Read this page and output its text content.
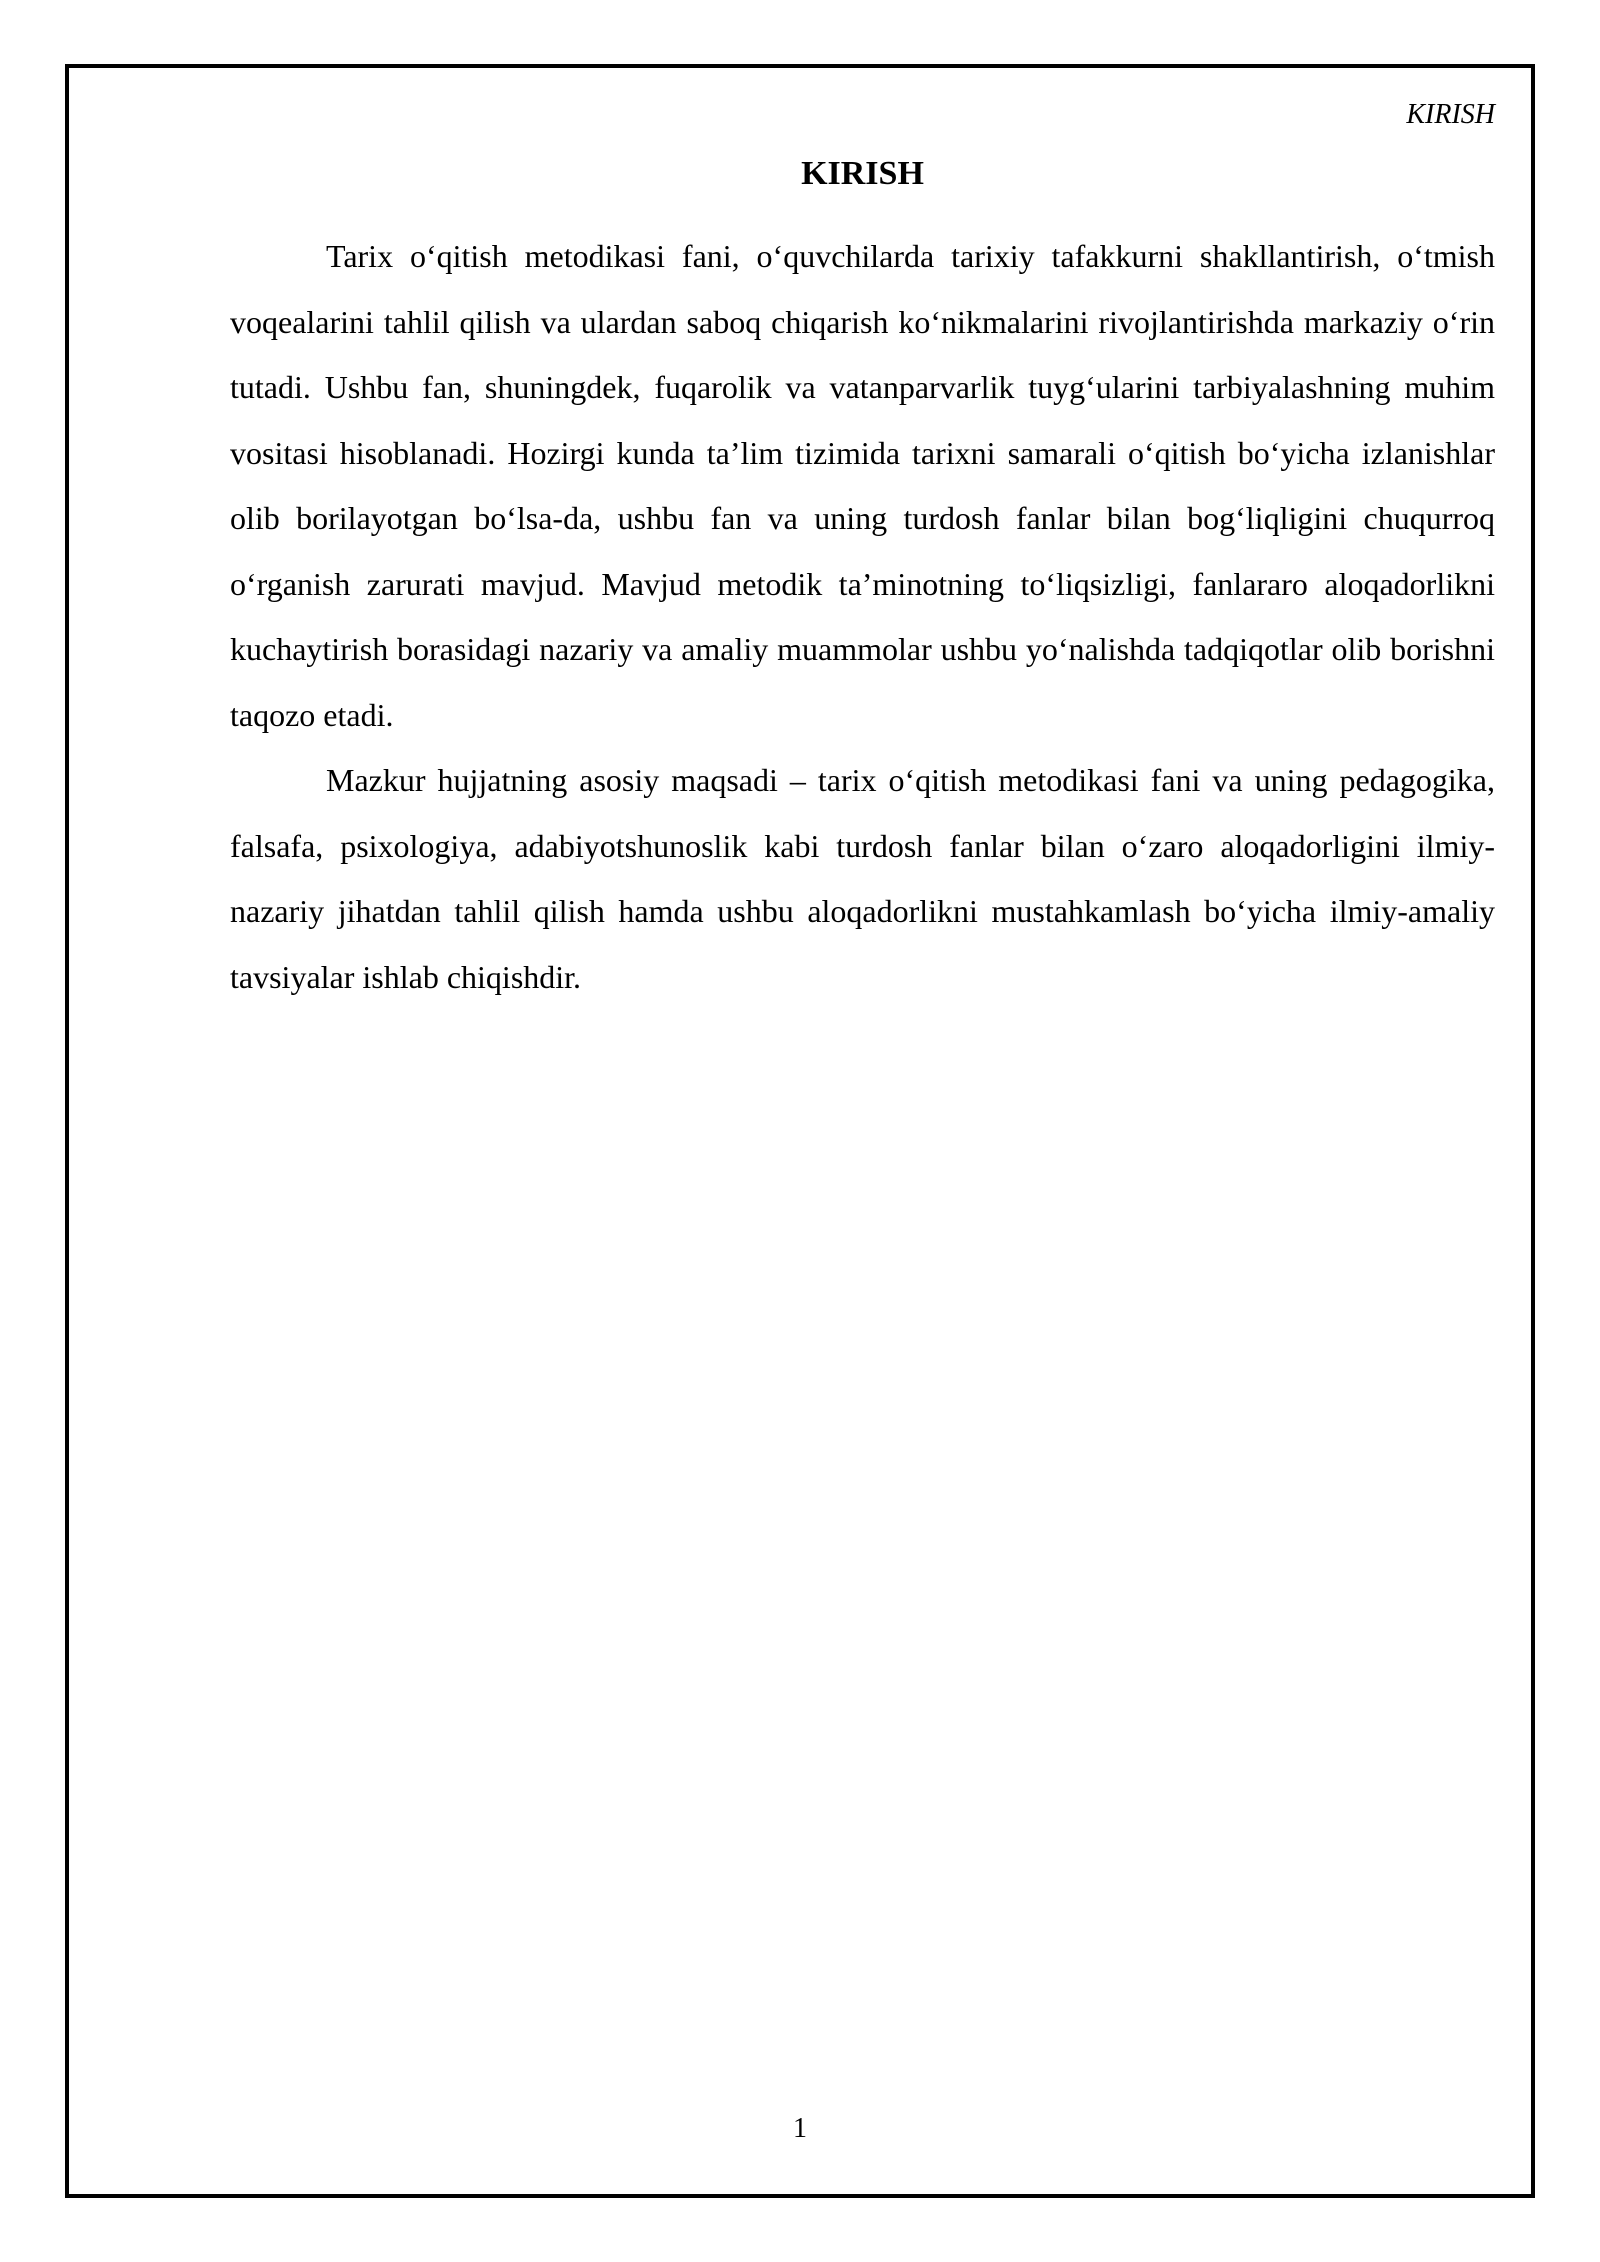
KIRISH
KIRISH

Tarix o‘qitish metodikasi fani, o‘quvchilarda tarixiy tafakkurni shakllantirish, o‘tmish voqealarini tahlil qilish va ulardan saboq chiqarish ko‘nikmalarini rivojlantirishda markaziy o‘rin tutadi. Ushbu fan, shuningdek, fuqarolik va vatanparvarlik tuyg‘ularini tarbiyalashning muhim vositasi hisoblanadi. Hozirgi kunda ta’lim tizimida tarixni samarali o‘qitish bo‘yicha izlanishlar olib borilayotgan bo‘lsa-da, ushbu fan va uning turdosh fanlar bilan bog‘liqligini chuqurroq o‘rganish zarurati mavjud. Mavjud metodik ta’minotning to‘liqsizligi, fanlararo aloqadorlikni kuchaytirish borasidagi nazariy va amaliy muammolar ushbu yo‘nalishda tadqiqotlar olib borishni taqozo etadi.

Mazkur hujjatning asosiy maqsadi – tarix o‘qitish metodikasi fani va uning pedagogika, falsafa, psixologiya, adabiyotshunoslik kabi turdosh fanlar bilan o‘zaro aloqadorligini ilmiy-nazariy jihatdan tahlil qilish hamda ushbu aloqadorlikni mustahkamlash bo‘yicha ilmiy-amaliy tavsiyalar ishlab chiqishdir.

1
